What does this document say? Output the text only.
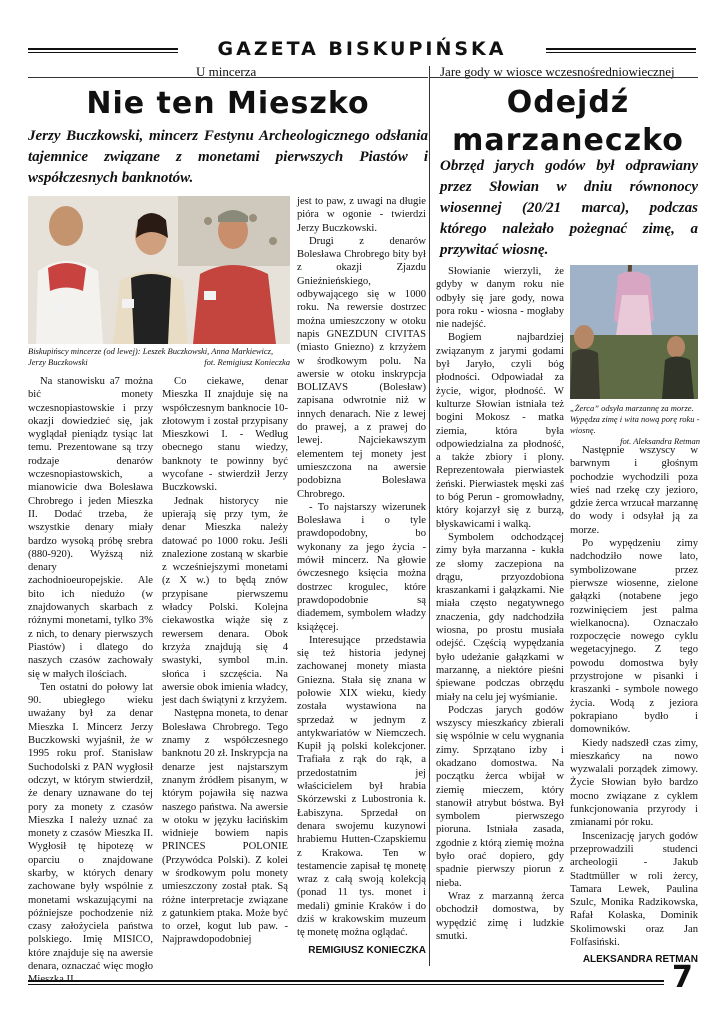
GAZETA BISKUPIŃSKA
U mincerza	Jare gody w wiosce wczesnośredniowiecznej
Nie ten Mieszko
Jerzy Buczkowski, mincerz Festynu Archeologicznego odsłania tajemnice związane z monetami pierwszych Piastów i współczesnych banknotów.
Biskupińscy mincerze (od lewej): Leszek Buczkowski, Anna Markiewicz, Jerzy Buczkowski	fot. Remigiusz Konieczka

Na stanowisku a7 można bić monety wczesnopiastowskie i przy okazji dowiedzieć się, jak wyglądał pieniądz tysiąc lat temu. Prezentowane są trzy rodzaje denarów wczesnopiastowskich, a mianowicie dwa Bolesława Chrobrego i jeden Mieszka II. Dodać trzeba, że wszystkie denary miały bardzo wysoką próbę srebra (880-920). Wyższą niż denary zachodnioeuropejskie. Ale bito ich niedużo (w znajdowanych skarbach z różnymi monetami, tylko 3% z nich, to denary pierwszych Piastów) i dlatego do naszych czasów zachowały się w małych ilościach.

Ten ostatni do połowy lat 90. ubiegłego wieku uważany był za denar Mieszka I. Mincerz Jerzy Buczkowski wyjaśnił, że w 1995 roku prof. Stanisław Suchodolski z PAN wygłosił odczyt, w którym stwierdził, że denary uznawane do tej pory za monety z czasów Mieszka I należy uznać za monety z czasów Mieszka II. Wygłosił tę hipotezę w oparciu o znajdowane skarby, w których denary zachowane były wspólnie z monetami wskazującymi na późniejsze pochodzenie niż czasy założyciela państwa polskiego. Imię MISICO, które znajduje się na awersie denara, oznaczać więc mogło Mieszka II.

Co ciekawe, denar Mieszka II znajduje się na współczesnym banknocie 10-złotowym i został przypisany Mieszkowi I. - Według obecnego stanu wiedzy, banknoty te powinny być wycofane - stwierdził Jerzy Buczkowski.

Jednak historycy nie upierają się przy tym, że denar Mieszka należy datować po 1000 roku. Jeśli znalezione zostaną w skarbie z wcześniejszymi monetami (z X w.) to będą znów przypisane pierwszemu władcy Polski. Kolejna ciekawostka wiąże się z rewersem denara. Obok krzyża znajdują się 4 swastyki, symbol m.in. słońca i szczęścia. Na awersie obok imienia władcy, jest dach świątyni z krzyżem.

Następna moneta, to denar Bolesława Chrobrego. Tego znamy z współczesnego banknotu 20 zł. Inskrypcja na denarze jest najstarszym znanym źródłem pisanym, w którym pojawiła się nazwa naszego państwa. Na awersie w otoku w języku łacińskim widnieje bowiem napis PRINCES POLONIE (Przywódca Polski). Z kolei w środkowym polu monety umieszczony został ptak. Są różne interpretacje związane z gatunkiem ptaka. Może być to orzeł, kogut lub paw. - Najprawdopodobniej

jest to paw, z uwagi na długie pióra w ogonie - twierdzi Jerzy Buczkowski.

Drugi z denarów Bolesława Chrobrego bity był z okazji Zjazdu Gnieźnieńskiego, odbywającego się w 1000 roku. Na rewersie dostrzec można umieszczony w otoku napis GNEZDUN CIVITAS (miasto Gniezno) z krzyżem w środkowym polu. Na awersie w otoku inskrypcja BOLIZAVS (Bolesław) zapisana odwrotnie niż w innych denarach. Nie z lewej do prawej, a z prawej do lewej. Najciekawszym elementem tej monety jest umieszczona na awersie podobizna Bolesława Chrobrego.

- To najstarszy wizerunek Bolesława i o tyle prawdopodobny, bo wykonany za jego życia - mówił mincerz. Na głowie ówczesnego księcia można dostrzec krogulec, które prawdopodobnie są diademem, symbolem władzy książęcej.

Interesujące przedstawia się też historia jedynej zachowanej monety miasta Gniezna. Stała się znana w połowie XIX wieku, kiedy została wystawiona na sprzedaż w jednym z antykwariatów w Niemczech. Kupił ją polski kolekcjoner. Trafiała z rąk do rąk, a przedostatnim jej właścicielem był hrabia Skórzewski z Lubostronia k. Łabiszyna. Sprzedał on denara swojemu kuzynowi hrabiemu Hutten-Czapskiemu z Krakowa. Ten w testamencie zapisał tę monetę wraz z całą swoją kolekcją (ponad 11 tys. monet i medali) gminie Kraków i do dziś w krakowskim muzeum tę monetę można oglądać.

REMIGIUSZ KONIECZKA
Odejdź
marzaneczko
Obrzęd jarych godów był odprawiany przez Słowian w dniu równonocy wiosennej (20/21 marca), podczas którego należało pożegnać zimę, a przywitać wiosnę.
„Żerca” odsyła marzannę za morze. Wypędza zimę i wita nową porę roku - wiosnę.

fot. Aleksandra Retman

Słowianie wierzyli, że gdyby w danym roku nie odbyły się jare gody, nowa pora roku - wiosna - mogłaby nie nadejść.

Bogiem najbardziej związanym z jarymi godami był Jaryło, czyli bóg płodności. Odpowiadał za życie, wigor, płodność. W kulturze Słowian istniała też bogini Mokosz - matka ziemia, która była odpowiedzialna za płodność, a także zbiory i plony. Reprezentowała pierwiastek żeński. Pierwiastek męski zaś to bóg Perun - gromowładny, który kojarzył się z burzą, błyskawicami i walką.

Symbolem odchodzącej zimy była marzanna - kukła ze słomy zaczepiona na drągu, przyozdobiona kraszankami i gałązkami. Nie miała często negatywnego znaczenia, gdy nadchodziła wiosna, po prostu musiała odejść. Częścią wypędzania było udeżanie gałązkami w marzannę, a niektóre pieśni śpiewane podczas obrzędu miały na celu jej wyśmianie.

Podczas jarych godów wszyscy mieszkańcy zbierali się wspólnie w celu wygnania zimy. Sprzątano izby i okadzano domostwa. Na początku żerca wbijał w ziemię mieczem, który stanowił atrybut bóstwa. Był symbolem pierwszego pioruna. Istniała zasada, zgodnie z którą ziemię można było orać dopiero, gdy spadnie pierwszy piorun z nieba.

Wraz z marzanną żerca obchodził domostwa, by wypędzić zimę i ludzkie smutki.

Następnie wszyscy w barwnym i głośnym pochodzie wychodzili poza wieś nad rzekę czy jezioro, gdzie żerca wrzucał marzannę do wody i odsyłał ją za morze.

Po wypędzeniu zimy nadchodziło nowe lato, symbolizowane przez pierwsze wiosenne, zielone gałązki (notabene jego rozwinięciem jest palma wielkanocna). Oznaczało rozpoczęcie nowego cyklu wegetacyjnego. Z tego powodu domostwa były przystrojone w pisanki i kraszanki - symbole nowego życia. Wodą z jeziora pokrapiano bydło i domowników.

Kiedy nadszedł czas zimy, mieszkańcy na nowo wyzwalali porządek zimowy. Życie Słowian było bardzo mocno związane z cyklem funkcjonowania przyrody i zmianami pór roku.

Inscenizację jarych godów przeprowadzili studenci archeologii - Jakub Stadtmüller w roli żercy, Tamara Lewek, Paulina Szulc, Monika Radzikowska, Rafał Kolaska, Dominik Skolimowski oraz Jan Folfasiński.

ALEKSANDRA RETMAN
7
